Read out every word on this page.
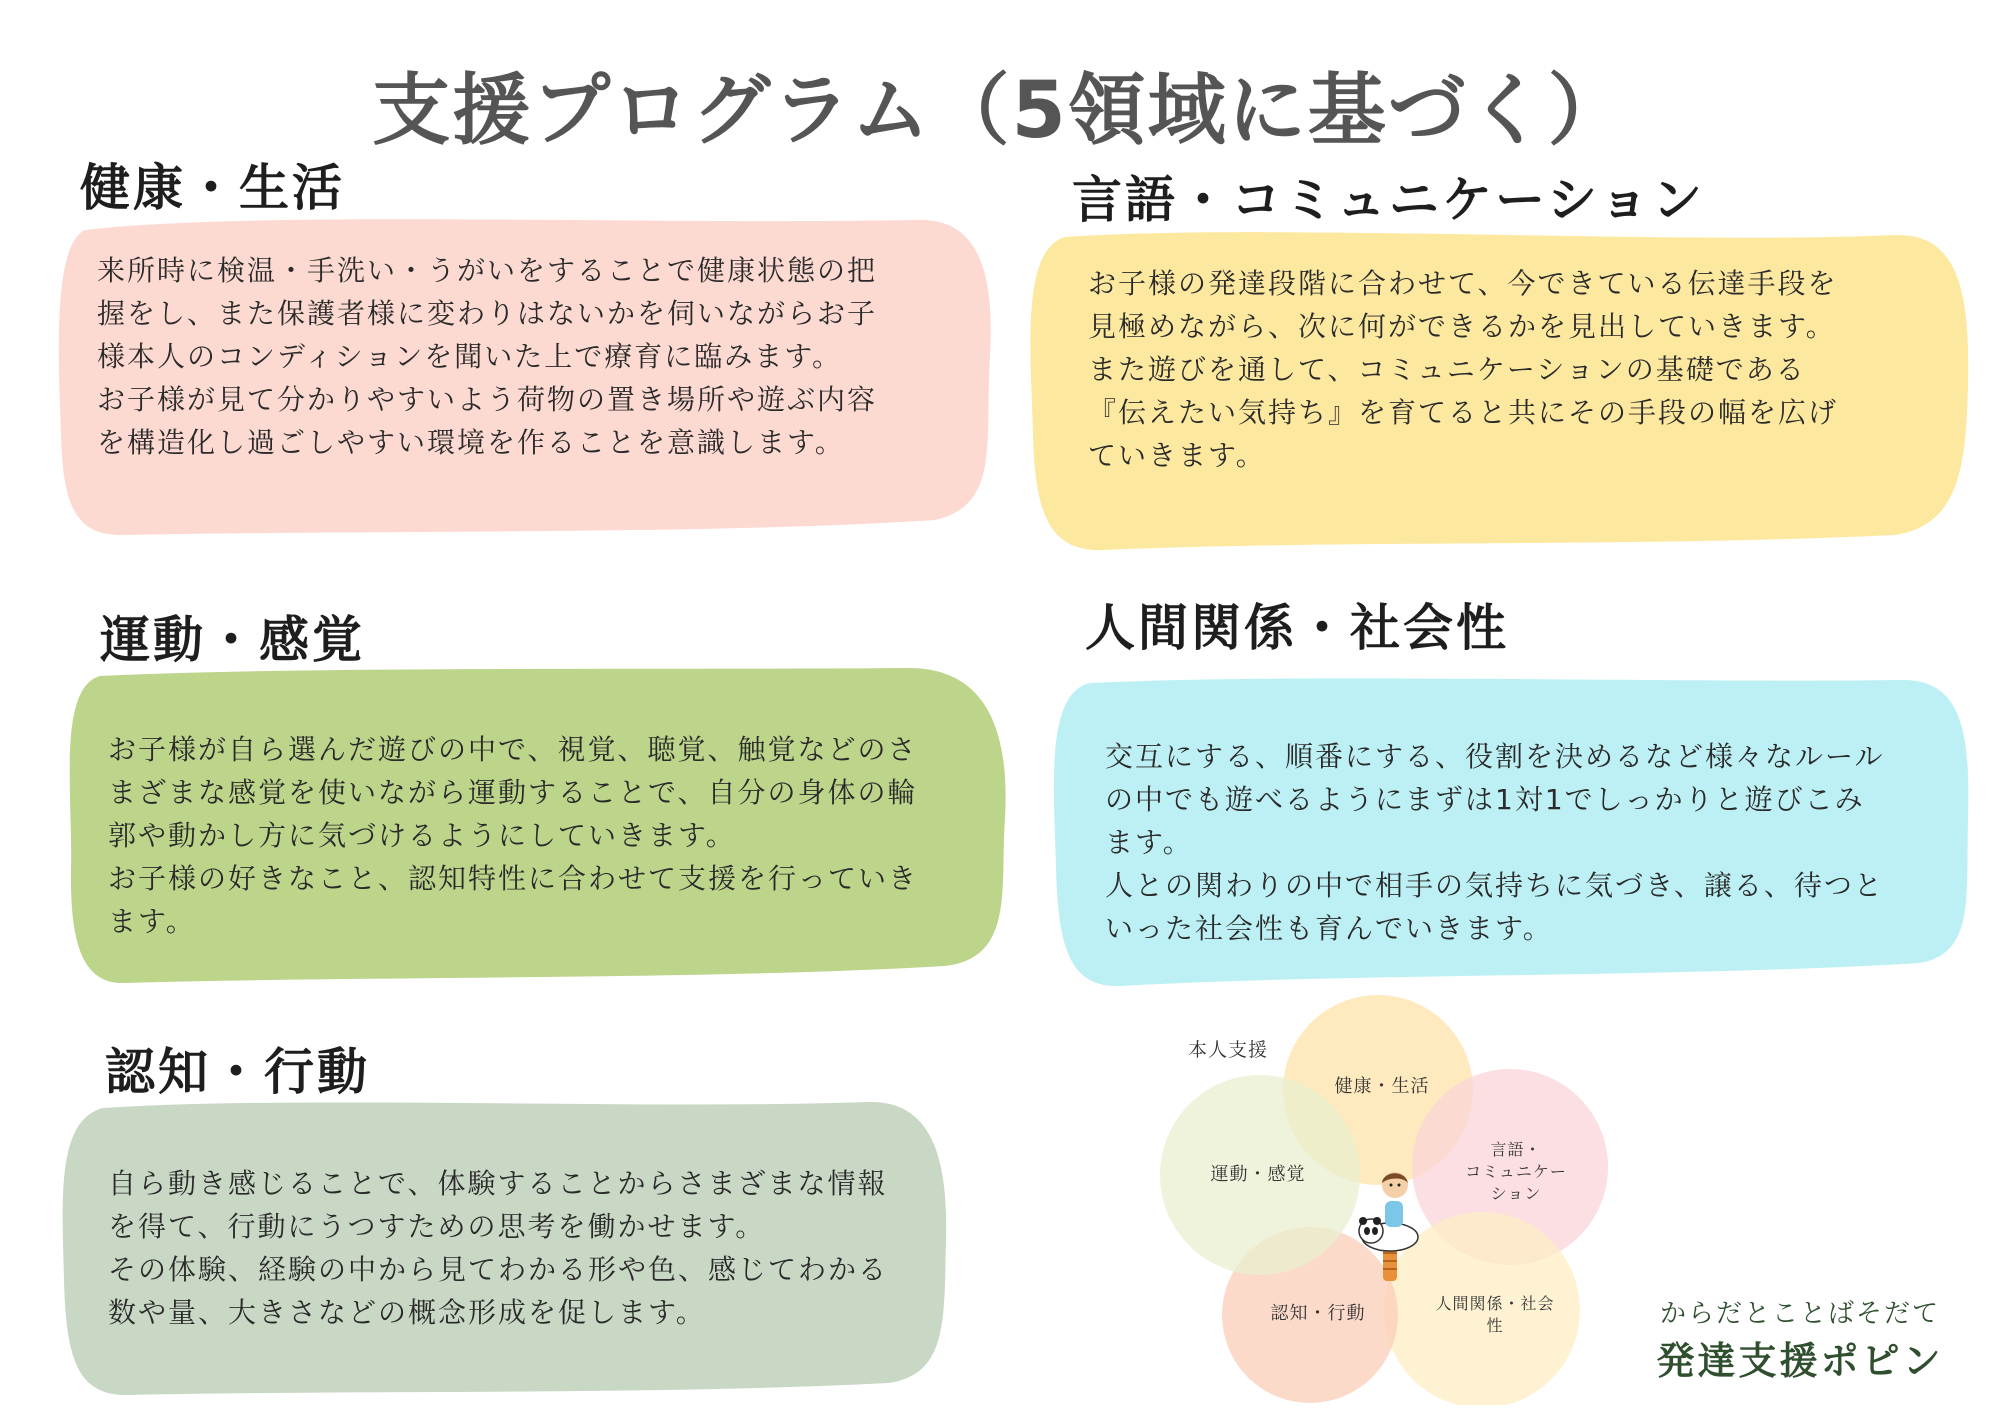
支援プログラム（5領域に基づく）
健康・生活
来所時に検温・手洗い・うがいをすることで健康状態の把
握をし、また保護者様に変わりはないかを伺いながらお子
様本人のコンディションを聞いた上で療育に臨みます。
お子様が見て分かりやすいよう荷物の置き場所や遊ぶ内容
を構造化し過ごしやすい環境を作ることを意識します。
言語・コミュニケーション
お子様の発達段階に合わせて、今できている伝達手段を
見極めながら、次に何ができるかを見出していきます。
また遊びを通して、コミュニケーションの基礎である
『伝えたい気持ち』を育てると共にその手段の幅を広げ
ていきます。
運動・感覚
お子様が自ら選んだ遊びの中で、視覚、聴覚、触覚などのさ
まざまな感覚を使いながら運動することで、自分の身体の輪
郭や動かし方に気づけるようにしていきます。
お子様の好きなこと、認知特性に合わせて支援を行っていき
ます。
人間関係・社会性
交互にする、順番にする、役割を決めるなど様々なルール
の中でも遊べるようにまずは1対1でしっかりと遊びこみ
ます。
人との関わりの中で相手の気持ちに気づき、譲る、待つと
いった社会性も育んでいきます。
認知・行動
自ら動き感じることで、体験することからさまざまな情報
を得て、行動にうつすための思考を働かせます。
その体験、経験の中から見てわかる形や色、感じてわかる
数や量、大きさなどの概念形成を促します。
本人支援
健康・生活
言語・
コミュニケーション
人間関係・社会性
認知・行動
運動・感覚
からだとことばそだて
発達支援ポピン
